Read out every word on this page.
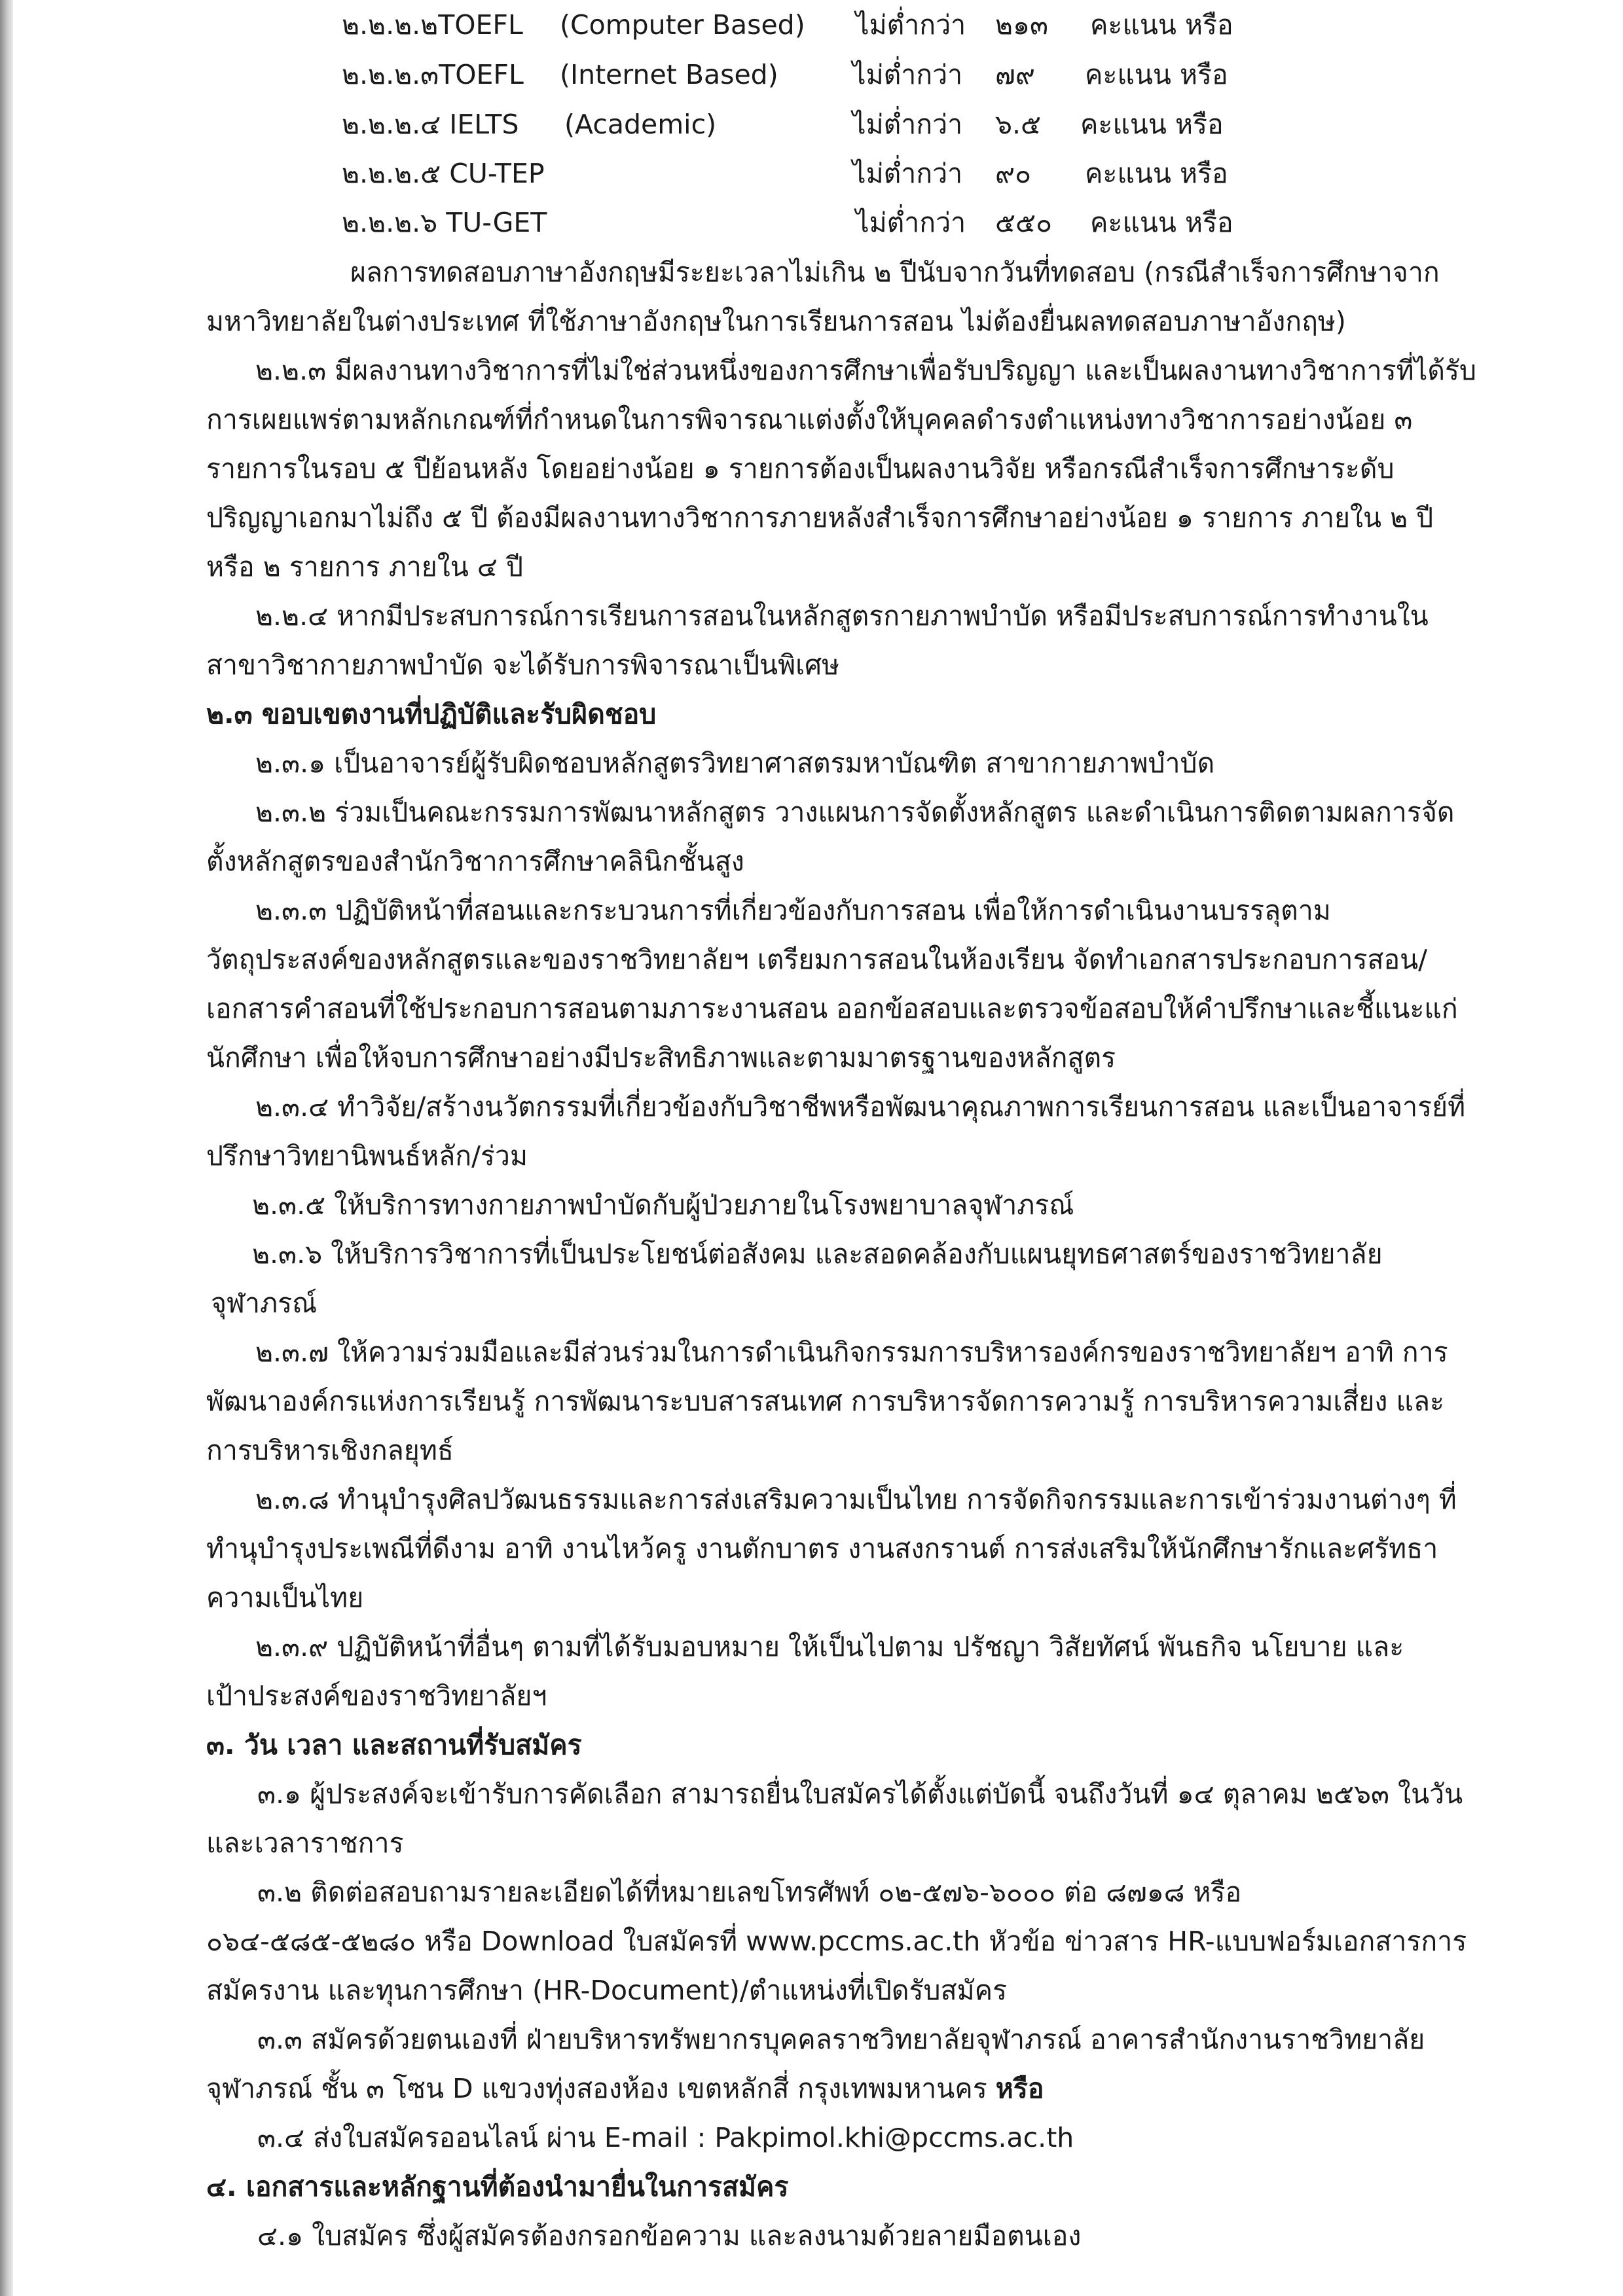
๒.๒.๒.๒TOEFL (Computer Based) ไม่ต่ำกว่า ๒๑๓ คะแนน หรือ
๒.๒.๒.๓TOEFL (Internet Based)	ไม่ต่ำกว่า ๗๙ คะแนน หรือ
๒.๒.๒.๔ IELTS (Academic)	ไม่ต่ำกว่า ๖.๕ คะแนน หรือ
๒.๒.๒.๕ CU-TEP	ไม่ต่ำกว่า ๙๐ คะแนน หรือ
๒.๒.๒.๖ TU-GET	ไม่ต่ำกว่า ๕๕๐ คะแนน หรือ
ผลการทดสอบภาษาอังกฤษมีระยะเวลาไม่เกิน ๒ ปีนับจากวันที่ทดสอบ (กรณีสำเร็จการศึกษาจาก
มหาวิทยาลัยในต่างประเทศ ที่ใช้ภาษาอังกฤษในการเรียนการสอน ไม่ต้องยื่นผลทดสอบภาษาอังกฤษ)
๒.๒.๓ มีผลงานทางวิชาการที่ไม่ใช่ส่วนหนึ่งของการศึกษาเพื่อรับปริญญา และเป็นผลงานทางวิชาการที่ได้รับ
การเผยแพร่ตามหลักเกณฑ์ที่กำหนดในการพิจารณาแต่งตั้งให้บุคคลดำรงตำแหน่งทางวิชาการอย่างน้อย ๓
รายการในรอบ ๕ ปีย้อนหลัง โดยอย่างน้อย ๑ รายการต้องเป็นผลงานวิจัย หรือกรณีสำเร็จการศึกษาระดับ
ปริญญาเอกมาไม่ถึง ๕ ปี ต้องมีผลงานทางวิชาการภายหลังสำเร็จการศึกษาอย่างน้อย ๑ รายการ ภายใน ๒ ปี
หรือ ๒ รายการ ภายใน ๔ ปี
๒.๒.๔ หากมีประสบการณ์การเรียนการสอนในหลักสูตรกายภาพบำบัด หรือมีประสบการณ์การทำงานใน
สาขาวิชากายภาพบำบัด จะได้รับการพิจารณาเป็นพิเศษ
๒.๓ ขอบเขตงานที่ปฏิบัติและรับผิดชอบ
๒.๓.๑ เป็นอาจารย์ผู้รับผิดชอบหลักสูตรวิทยาศาสตรมหาบัณฑิต สาขากายภาพบำบัด
๒.๓.๒ ร่วมเป็นคณะกรรมการพัฒนาหลักสูตร วางแผนการจัดตั้งหลักสูตร และดำเนินการติดตามผลการจัด
ตั้งหลักสูตรของสำนักวิชาการศึกษาคลินิกชั้นสูง
๒.๓.๓ ปฏิบัติหน้าที่สอนและกระบวนการที่เกี่ยวข้องกับการสอน เพื่อให้การดำเนินงานบรรลุตาม
วัตถุประสงค์ของหลักสูตรและของราชวิทยาลัยฯ เตรียมการสอนในห้องเรียน จัดทำเอกสารประกอบการสอน/
เอกสารคำสอนที่ใช้ประกอบการสอนตามภาระงานสอน ออกข้อสอบและตรวจข้อสอบให้คำปรึกษาและชี้แนะแก่
นักศึกษา เพื่อให้จบการศึกษาอย่างมีประสิทธิภาพและตามมาตรฐานของหลักสูตร
๒.๓.๔ ทำวิจัย/สร้างนวัตกรรมที่เกี่ยวข้องกับวิชาชีพหรือพัฒนาคุณภาพการเรียนการสอน และเป็นอาจารย์ที่
ปรึกษาวิทยานิพนธ์หลัก/ร่วม
๒.๓.๕ ให้บริการทางกายภาพบำบัดกับผู้ป่วยภายในโรงพยาบาลจุฬาภรณ์
๒.๓.๖ ให้บริการวิชาการที่เป็นประโยชน์ต่อสังคม และสอดคล้องกับแผนยุทธศาสตร์ของราชวิทยาลัย
จุฬาภรณ์
๒.๓.๗ ให้ความร่วมมือและมีส่วนร่วมในการดำเนินกิจกรรมการบริหารองค์กรของราชวิทยาลัยฯ อาทิ การ
พัฒนาองค์กรแห่งการเรียนรู้ การพัฒนาระบบสารสนเทศ การบริหารจัดการความรู้ การบริหารความเสี่ยง และ
การบริหารเชิงกลยุทธ์
๒.๓.๘ ทำนุบำรุงศิลปวัฒนธรรมและการส่งเสริมความเป็นไทย การจัดกิจกรรมและการเข้าร่วมงานต่างๆ ที่
ทำนุบำรุงประเพณีที่ดีงาม อาทิ งานไหว้ครู งานตักบาตร งานสงกรานต์ การส่งเสริมให้นักศึกษารักและศรัทธา
ความเป็นไทย
๒.๓.๙ ปฏิบัติหน้าที่อื่นๆ ตามที่ได้รับมอบหมาย ให้เป็นไปตาม ปรัชญา วิสัยทัศน์ พันธกิจ นโยบาย และ
เป้าประสงค์ของราชวิทยาลัยฯ
๓. วัน เวลา และสถานที่รับสมัคร
๓.๑ ผู้ประสงค์จะเข้ารับการคัดเลือก สามารถยื่นใบสมัครได้ตั้งแต่บัดนี้ จนถึงวันที่ ๑๔ ตุลาคม ๒๕๖๓ ในวัน
และเวลาราชการ
๓.๒ ติดต่อสอบถามรายละเอียดได้ที่หมายเลขโทรศัพท์ ๐๒-๕๗๖-๖๐๐๐ ต่อ ๘๗๑๘ หรือ
๐๖๔-๕๘๕-๕๒๘๐ หรือ Download ใบสมัครที่ www.pccms.ac.th หัวข้อ ข่าวสาร HR-แบบฟอร์มเอกสารการ
สมัครงาน และทุนการศึกษา (HR-Document)/ตำแหน่งที่เปิดรับสมัคร
๓.๓ สมัครด้วยตนเองที่ ฝ่ายบริหารทรัพยากรบุคคลราชวิทยาลัยจุฬาภรณ์ อาคารสำนักงานราชวิทยาลัย
จุฬาภรณ์ ชั้น ๓ โซน D แขวงทุ่งสองห้อง เขตหลักสี่ กรุงเทพมหานคร หรือ
๓.๔ ส่งใบสมัครออนไลน์ ผ่าน E-mail : Pakpimol.khi@pccms.ac.th
๔. เอกสารและหลักฐานที่ต้องนำมายื่นในการสมัคร
๔.๑ ใบสมัคร ซึ่งผู้สมัครต้องกรอกข้อความ และลงนามด้วยลายมือตนเอง
